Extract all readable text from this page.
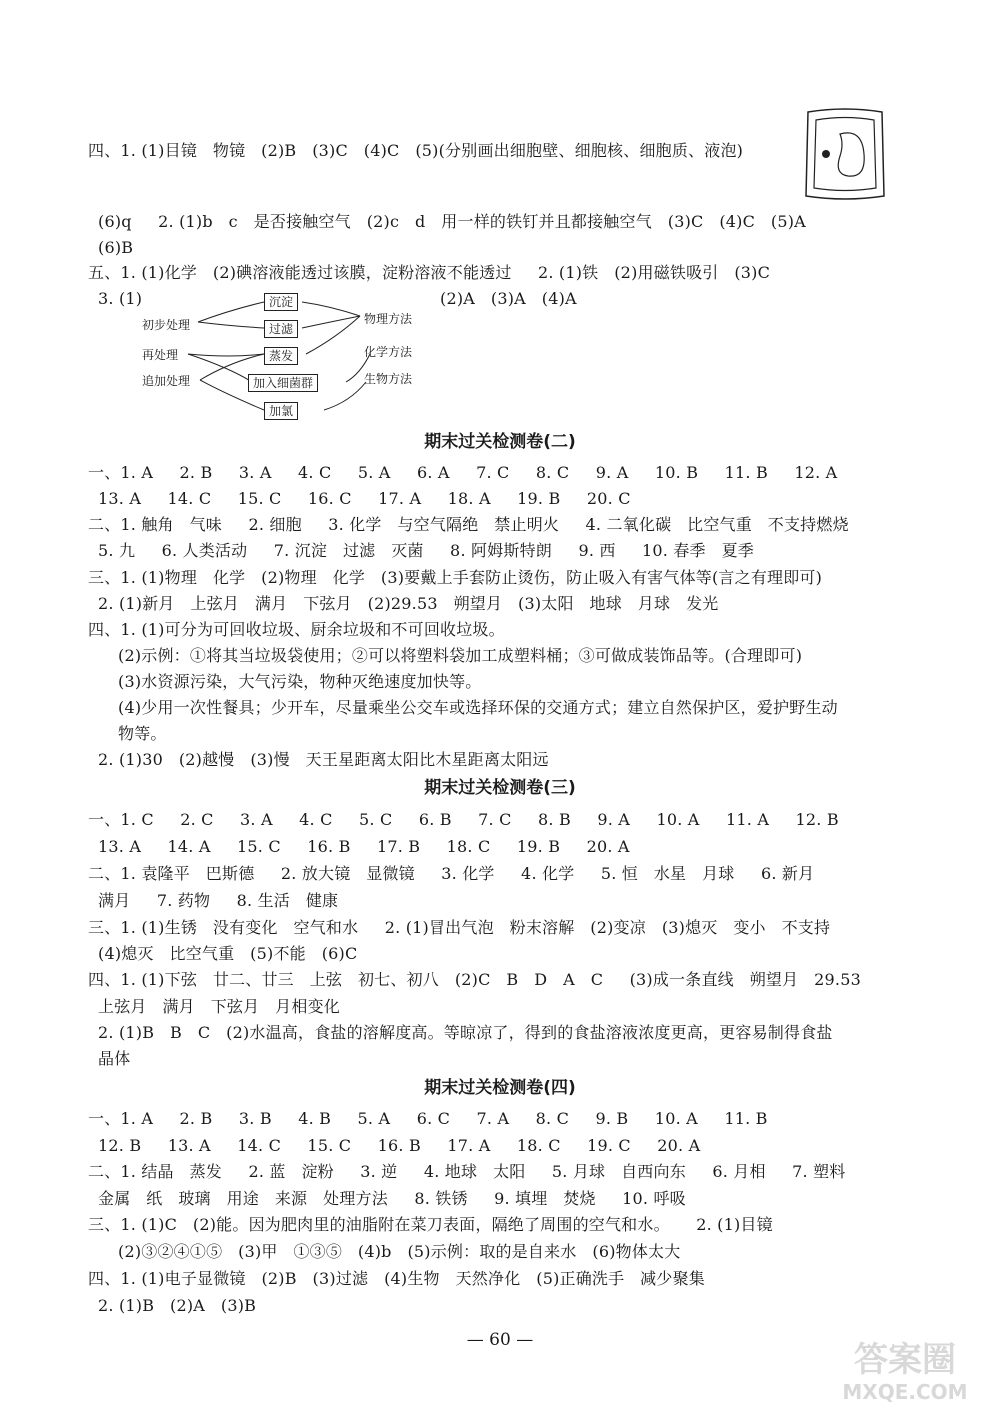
四、1. (1)目镜   物镜   (2)B   (3)C   (4)C   (5)(分别画出细胞壁、细胞核、细胞质、液泡)
(6)q     2. (1)b   c   是否接触空气   (2)c   d   用一样的铁钉并且都接触空气   (3)C   (4)C   (5)A
(6)B
五、1. (1)化学   (2)碘溶液能透过该膜，淀粉溶液不能透过     2. (1)铁   (2)用磁铁吸引   (3)C
3. (1)	(2)A   (3)A   (4)A
初步处理
再处理
追加处理
沉淀
过滤
蒸发
加入细菌群
加氯
物理方法
化学方法
生物方法
期末过关检测卷(二)
一、1. A     2. B     3. A     4. C     5. A     6. A     7. C     8. C     9. A     10. B     11. B     12. A
13. A     14. C     15. C     16. C     17. A     18. A     19. B     20. C
二、1. 触角   气味     2. 细胞     3. 化学   与空气隔绝   禁止明火     4. 二氧化碳   比空气重   不支持燃烧
5. 九     6. 人类活动     7. 沉淀   过滤   灭菌     8. 阿姆斯特朗     9. 西     10. 春季   夏季
三、1. (1)物理   化学   (2)物理   化学   (3)要戴上手套防止烫伤，防止吸入有害气体等(言之有理即可)
2. (1)新月   上弦月   满月   下弦月   (2)29.53   朔望月   (3)太阳   地球   月球   发光
四、1. (1)可分为可回收垃圾、厨余垃圾和不可回收垃圾。
(2)示例：①将其当垃圾袋使用；②可以将塑料袋加工成塑料桶；③可做成装饰品等。(合理即可)
(3)水资源污染，大气污染，物种灭绝速度加快等。
(4)少用一次性餐具；少开车，尽量乘坐公交车或选择环保的交通方式；建立自然保护区，爱护野生动
物等。
2. (1)30   (2)越慢   (3)慢   天王星距离太阳比木星距离太阳远
期末过关检测卷(三)
一、1. C     2. C     3. A     4. C     5. C     6. B     7. C     8. B     9. A     10. A     11. A     12. B
13. A     14. A     15. C     16. B     17. B     18. C     19. B     20. A
二、1. 袁隆平   巴斯德     2. 放大镜   显微镜     3. 化学     4. 化学     5. 恒   水星   月球     6. 新月
满月     7. 药物     8. 生活   健康
三、1. (1)生锈   没有变化   空气和水     2. (1)冒出气泡   粉末溶解   (2)变凉   (3)熄灭   变小   不支持
(4)熄灭   比空气重   (5)不能   (6)C
四、1. (1)下弦   廿二、廿三   上弦   初七、初八   (2)C   B   D   A   C     (3)成一条直线   朔望月   29.53
上弦月   满月   下弦月   月相变化
2. (1)B   B   C   (2)水温高，食盐的溶解度高。等晾凉了，得到的食盐溶液浓度更高，更容易制得食盐
晶体
期末过关检测卷(四)
一、1. A     2. B     3. B     4. B     5. A     6. C     7. A     8. C     9. B     10. A     11. B
12. B     13. A     14. C     15. C     16. B     17. A     18. C     19. C     20. A
二、1. 结晶   蒸发     2. 蓝   淀粉     3. 逆     4. 地球   太阳     5. 月球   自西向东     6. 月相     7. 塑料
金属   纸   玻璃   用途   来源   处理方法     8. 铁锈     9. 填埋   焚烧     10. 呼吸
三、1. (1)C   (2)能。因为肥肉里的油脂附在菜刀表面，隔绝了周围的空气和水。     2. (1)目镜
(2)③②④①⑤   (3)甲   ①③⑤   (4)b   (5)示例：取的是自来水   (6)物体太大
四、1. (1)电子显微镜   (2)B   (3)过滤   (4)生物   天然净化   (5)正确洗手   减少聚集
2. (1)B   (2)A   (3)B
— 60 —	答案圈
MXQE.COM
